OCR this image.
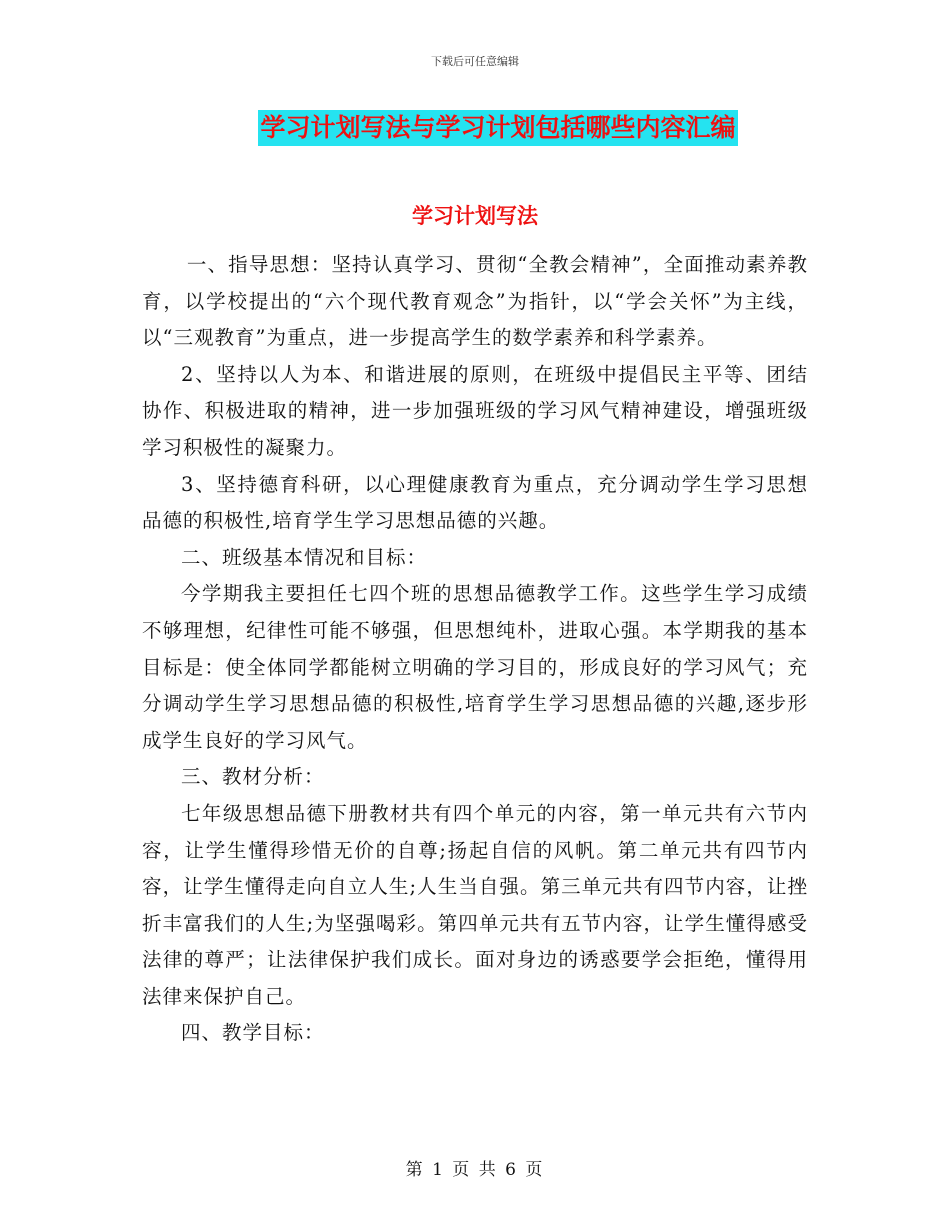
下载后可任意编辑
学习计划写法与学习计划包括哪些内容汇编
学习计划写法

一、指导思想：坚持认真学习、贯彻“全教会精神”，全面推动素养教育，以学校提出的“六个现代教育观念”为指针，以“学会关怀”为主线，以“三观教育”为重点，进一步提高学生的数学素养和科学素养。

2、坚持以人为本、和谐进展的原则，在班级中提倡民主平等、团结协作、积极进取的精神，进一步加强班级的学习风气精神建设，增强班级学习积极性的凝聚力。

3、坚持德育科研，以心理健康教育为重点，充分调动学生学习思想品德的积极性,培育学生学习思想品德的兴趣。

二、班级基本情况和目标：

今学期我主要担任七四个班的思想品德教学工作。这些学生学习成绩不够理想，纪律性可能不够强，但思想纯朴，进取心强。本学期我的基本目标是：使全体同学都能树立明确的学习目的，形成良好的学习风气；充分调动学生学习思想品德的积极性,培育学生学习思想品德的兴趣,逐步形成学生良好的学习风气。

三、教材分析：

七年级思想品德下册教材共有四个单元的内容，第一单元共有六节内容，让学生懂得珍惜无价的自尊;扬起自信的风帆。第二单元共有四节内容，让学生懂得走向自立人生;人生当自强。第三单元共有四节内容，让挫折丰富我们的人生;为坚强喝彩。第四单元共有五节内容，让学生懂得感受法律的尊严；让法律保护我们成长。面对身边的诱惑要学会拒绝，懂得用法律来保护自己。

四、教学目标：

第 1 页 共 6 页
